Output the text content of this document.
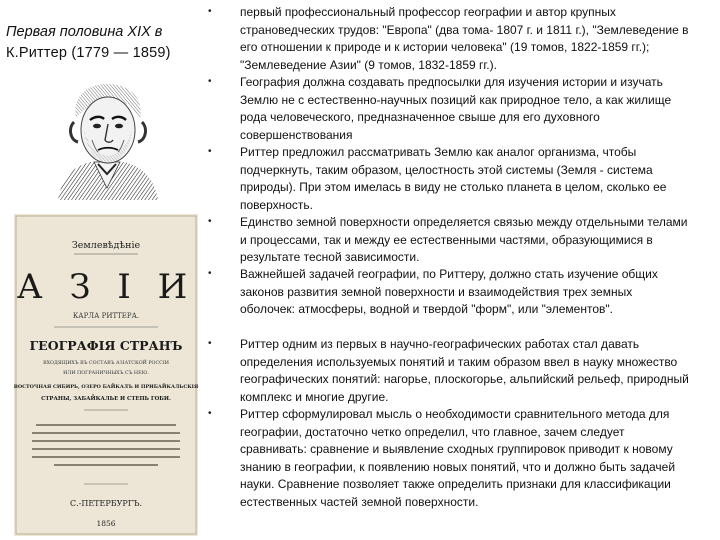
Первая половина XIX в
К.Риттер (1779 — 1859)
Землевѣдѣнiе
А З I И
КАРЛА РИТТЕРА.
ГЕОГРАФIЯ СТРАНЪ
ВХОДЯЩИХЪ ВЪ СОСТАВЪ АЗIАТСКОЙ РОССIИ
ИЛИ ПОГРАНИЧНЫХЪ СЪ НЕЮ.
ВОСТОЧНАЯ СИБИРЬ, ОЗЕРО БАЙКАЛЪ И ПРИБАЙКАЛЬСКIЯ
СТРАНЫ, ЗАБАЙКАЛЬЕ И СТЕПЬ ГОБИ.
С.-ПЕТЕРБУРГЪ.
1856
•	первый профессиональный профессор географии и автор крупных страноведческих трудов: "Европа" (два тома- 1807 г. и 1811 г.), "Землеведение в его отношении к природе и к истории человека" (19 томов, 1822-1859 гг.); "Землеведение Азии" (9 томов, 1832-1859 гг.).

•	География должна создавать предпосылки для изучения истории и изучать Землю не с естественно-научных позиций как природное тело, а как жилище рода человеческого, предназначенное свыше для его духовного совершенствования

•	Риттер предложил рассматривать Землю как аналог организма, чтобы подчеркнуть, таким образом, целостность этой системы (Земля - система природы). При этом имелась в виду не столько планета в целом, сколько ее поверхность.

•	Единство земной поверхности определяется связью между отдельными телами и процессами, так и между ее естественными частями, образующимися в результате тесной зависимости.

•	Важнейшей задачей географии, по Риттеру, должно стать изучение общих законов развития земной поверхности и взаимодействия трех земных оболочек: атмосферы, водной и твердой "форм", или "элементов".

•	Риттер одним из первых в научно-географических работах стал давать определения используемых понятий и таким образом ввел в науку множество географических понятий: нагорье, плоскогорье, альпийский рельеф, природный комплекс и многие другие.

•	Риттер сформулировал мысль о необходимости сравнительного метода для географии, достаточно четко определил, что главное, зачем следует сравнивать: сравнение и выявление сходных группировок приводит к новому знанию в географии, к появлению новых понятий, что и должно быть задачей науки. Сравнение позволяет также определить признаки для классификации естественных частей земной поверхности.
